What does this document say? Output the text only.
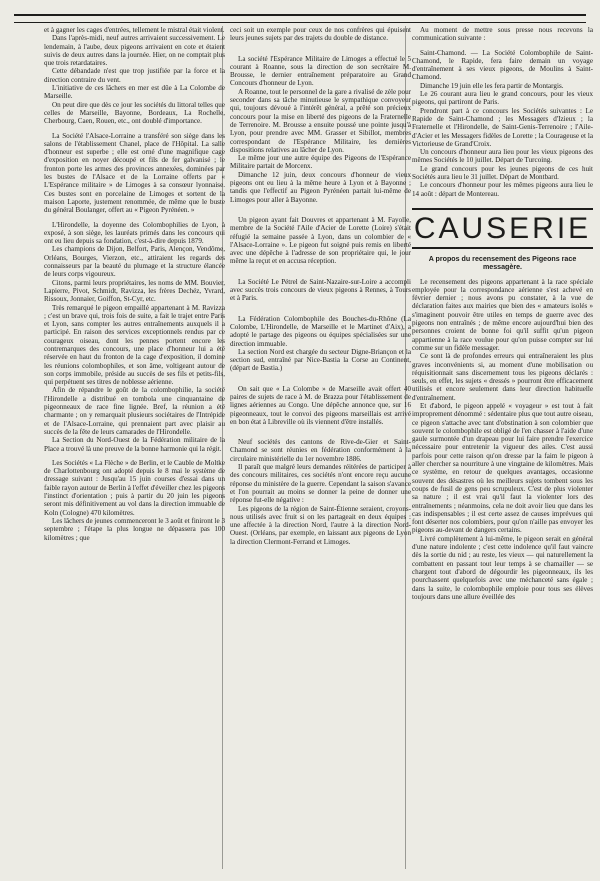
et à gagner les cages d'entrées, tellement le mistral était violent.

Dans l'après-midi, neuf autres arrivaient successivement. Le lendemain, à l'aube, deux pigeons arrivaient en cote et étaient suivis de deux autres dans la journée. Hier, on ne comptait plus que trois retardataires.

Cette débandade n'est que trop justifiée par la force et la direction contraire du vent.

L'initiative de ces lâchers en mer est dûe à La Colombe de Marseille.

On peut dire que dès ce jour les sociétés du littoral telles que celles de Marseille, Bayonne, Bordeaux, La Rochelle, Cherbourg, Caen, Rouen, etc., ont doublé d'importance.

La Société l'Alsace-Lorraine a transféré son siège dans les salons de l'établissement Chanel, place de l'Hôpital. La salle d'honneur est superbe ; elle est orné d'une magnifique cage d'exposition en noyer découpé et fils de fer galvanisé ; le fronton porte les armes des provinces annexées, dominées par les bustes de l'Alsace et de la Lorraine offerts par « L'Espérance militaire » de Limoges à sa consœur lyonnaise. Ces bustes sont en porcelaine de Limoges et sortent de la maison Laporte, justement renommée, de même que le buste du général Boulanger, offert au « Pigeon Pyrénéen. »

L'Hirondelle, la doyenne des Colombophilies de Lyon, à exposé, à son siège, les lauréats primés dans les concours qui ont eu lieu depuis sa fondation, c'est-à-dire depuis 1879.

Les champions de Dijon, Belfort, Paris, Alençon, Vendôme, Orléans, Bourges, Vierzon, etc., attiraient les regards des connaisseurs par la beauté du plumage et la structure élancée de leurs corps vigoureux.

Citons, parmi leurs propriétaires, les noms de MM. Bouvier, Lapierre, Pivot, Schmidt, Ravizza, les frères Dechéz, Yvrard, Rissoux, Jonnaier, Goiffon, St-Cyr, etc.

Très remarqué le pigeon empaillé appartenant à M. Ravizza ; c'est un brave qui, trois fois de suite, a fait le trajet entre Paris et Lyon, sans compter les autres entraînements auxquels il a participé. En raison des services exceptionnels rendus par ce courageux oiseau, dont les pennes portent encore les contremarques des concours, une place d'honneur lui a été réservée en haut du fronton de la cage d'exposition, il domine les réunions colombophiles, et son âme, voltigeant autour de son corps immobile, préside au succès de ses fils et petits-fils, qui perpétuent ses titres de noblesse aérienne.

Afin de répandre le goût de la colombophilie, la société l'Hirondelle a distribué en tombola une cinquantaine de pigeonneaux de race fine lignée. Bref, la réunion a été charmante ; on y remarquait plusieurs sociétaires de l'Intrépide et de l'Alsace-Lorraine, qui prennaient part avec plaisir au succès de la fête de leurs camarades de l'Hirondelle.

La Section du Nord-Ouest de la Fédération militaire de la Place a trouvé là une preuve de la bonne harmonie qui la régit.

Les Sociétés « La Flèche » de Berlin, et le Cauble de Moltke de Charlottenbourg ont adopté depuis le 8 mai le système de dressage suivant : Jusqu'au 15 juin courses d'essai dans un faible rayon autour de Berlin à l'effet d'éveiller chez les pigeons l'instinct d'orientation ; puis à partir du 20 juin les pigeons seront mis définitivement au vol dans la direction immuable de Koln (Cologne) 470 kilomètres.

Les lâchers de jeunes commenceront le 3 août et finiront le 3 septembre ; l'étape la plus longue ne dépassera pas 100 kilomètres ; que

ceci soit un exemple pour ceux de nos confrères qui épuisent leurs jeunes sujets par des trajets du double de distance.

La société l'Espérance Militaire de Limoges a effectué le 5 courant à Roanne, sous la direction de son secrétaire M. Brousse, le dernier entraînement préparatoire au Grand Concours d'honneur de Lyon.

A Roanne, tout le personnel de la gare a rivalisé de zèle pour seconder dans sa tâche minutieuse le sympathique convoyeur qui, toujours dévoué à l'intérêt général, a prêté son précieux concours pour la mise en liberté des pigeons de la Fraternelle de Terrenoire. M. Brousse a ensuite poussé une pointe jusqu'à Lyon, pour prendre avec MM. Grasser et Sibillot, membres correspondant de l'Espérance Militaire, les dernières dispositions relatives au lâcher de Lyon.

Le même jour une autre équipe des Pigeons de l'Espérance Militaire partait de Morcenx.

Dimanche 12 juin, deux concours d'honneur de vieux pigeons ont eu lieu à la même heure à Lyon et à Bayonne ; tandis que l'effectif au Pigeon Pyrénéen partait lui-même de Limoges pour aller à Bayonne.

Un pigeon ayant fait Douvres et appartenant à M. Fayolle, membre de la Société l'Aile d'Acier de Lorette (Loire) s'était réfugié la semaine passée à Lyon, dans un colombier de « l'Alsace-Lorraine ». Le pigeon fut soigné puis remis en liberté avec une dépêche à l'adresse de son propriétaire qui, le jour même la reçut et en accusa réception.

La Société Le Pétrel de Saint-Nazaire-sur-Loire a accompli avec succès trois concours de vieux pigeons à Rennes, à Tours et à Paris.

La Fédération Colombophile des Bouches-du-Rhône (La Colombe, L'Hirondelle, de Marseille et le Martinet d'Aix), a adopté le partage des pigeons ou équipes spécialisées sur une direction immuable.

La section Nord est chargée du secteur Digne-Briançon et la section sud, entraîné par Nice-Bastia la Corse au Continent, (départ de Bastia.)

On sait que « La Colombe » de Marseille avait offert 40 paires de sujets de race à M. de Brazza pour l'établissement de lignes aériennes au Congo. Une dépêche annonce que, sur 16 pigeonneaux, tout le convoi des pigeons marseillais est arrivé en bon état à Libreville où ils viennent d'être installés.

Neuf sociétés des cantons de Rive-de-Gier et Saint-Chamond se sont réunies en fédération conformément à la circulaire ministérielle du 1er novembre 1886.

Il paraît que malgré leurs demandes réitérées de participer à des concours militaires, ces sociétés n'ont encore reçu aucune réponse du ministère de la guerre. Cependant la saison s'avance et l'on pourrait au moins se donner la peine de donner une réponse fut-elle négative :

Les pigeons de la région de Saint-Étienne seraient, croyons-nous utilisés avec fruit si on les partageait en deux équipes : une affectée à la direction Nord, l'autre à la direction Nord-Ouest. (Orléans, par exemple, en laissant aux pigeons de Lyon la direction Clermont-Ferrand et Limoges.

Au moment de mettre sous presse nous recevons la communication suivante :

Saint-Chamond. — La Société Colombophile de Saint-Chamond, le Rapide, fera faire demain un voyage d'entraînement à ses vieux pigeons, de Moulins à Saint-Chamond.

Dimanche 19 juin elle les fera partir de Montargis.

Le 26 courant aura lieu le grand concours, pour les vieux pigeons, qui partiront de Paris.

Prendront part à ce concours les Sociétés suivantes : Le Rapide de Saint-Chamond ; les Messagers d'Izieux ; la Fraternelle et l'Hirondelle, de Saint-Genis-Terrenoire ; l'Aile-d'Acier et les Messagers fidèles de Lorette ; la Courageuse et la Victorieuse de Grand'Croix.

Un concours d'honneur aura lieu pour les vieux pigeons des mêmes Sociétés le 10 juillet. Départ de Turcoing.

Le grand concours pour les jeunes pigeons de ces huit Sociétés aura lieu le 31 juillet. Départ de Montbard.

Le concours d'honneur pour les mêmes pigeons aura lieu le 14 août : départ de Montereau.

CAUSERIE
A propos du recensement des Pigeons race messagère.

Le recensement des pigeons appartenant à la race spéciale employée pour la correspondance aérienne s'est achevé en février dernier ; nous avons pu constater, à la vue de déclaration faites aux mairies que bien des « amateurs isolés » s'imaginent pouvoir être utiles en temps de guerre avec des pigeons non entraînés ; de même encore aujourd'hui bien des personnes croient de bonne foi qu'il suffit qu'un pigeon appartienne à la race voulue pour qu'on puisse compter sur lui comme sur un fidèle messager.

Ce sont là de profondes erreurs qui entraîneraient les plus graves inconvénients si, au moment d'une mobilisation ou réquisitionnait sans discernement tous les pigeons déclarés : seuls, en effet, les sujets « dressés » pourront être efficacement utilisés et encore seulement dans leur direction habituelle d'entraînement.

Et d'abord, le pigeon appelé « voyageur » est tout à fait improprement dénommé : sédentaire plus que tout autre oiseau, ce pigeon s'attache avec tant d'obstination à son colombier que souvent le colombophile est obligé de l'en chasser à l'aide d'une gaule surmontée d'un drapeau pour lui faire prendre l'exercice nécessaire pour entretenir la vigueur des ailes. C'est aussi parfois pour cette raison qu'on dresse par la faim le pigeon à aller chercher sa nourriture à une vingtaine de kilomètres. Mais ce système, en retour de quelques avantages, occasionne souvent des désastres où les meilleurs sujets tombent sous les coups de fusil de gens peu scrupuleux. C'est de plus violenter sa nature ; il est vrai qu'il faut la violenter lors des entraînements ; néanmoins, cela ne doit avoir lieu que dans les cas indispensables ; il est certe assez de causes imprévues qui font déserter nos colombiers, pour qu'on n'aille pas envoyer les pigeons au-devant de dangers certains.

Livré complètement à lui-même, le pigeon serait en général d'une nature indolente ; c'est cette indolence qu'il faut vaincre dès la sortie du nid ; au reste, les vieux — qui naturellement la combattent en passant tout leur temps à se chamailler — se chargent tout d'abord de dégourdir les pigeonneaux, ils les pourchassent quelquefois avec une méchanceté sans égale ; dans la suite, le colombophile emploie pour tous ses élèves toujours dans une allure éveillée des
